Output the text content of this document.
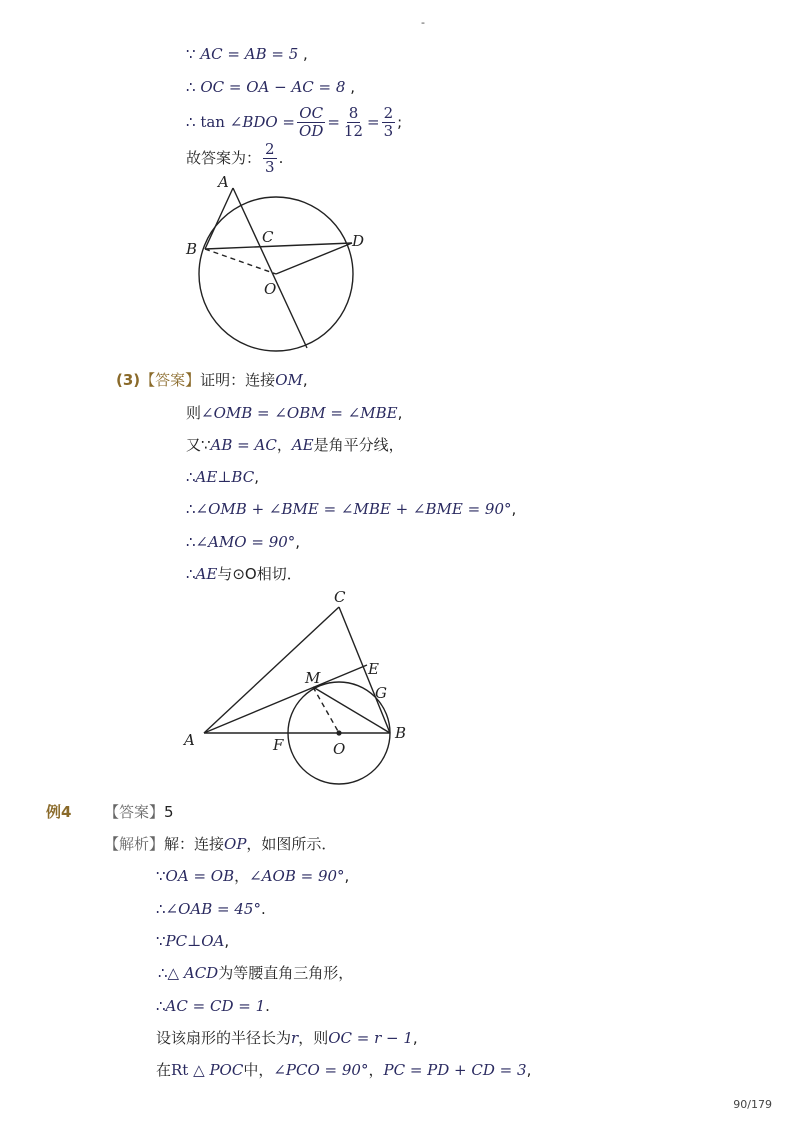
-
∵ AC = AB = 5 ,
∴ OC = OA − AC = 8 ,
∴
tan
∠BDO = $\frac{OC}{OD} = \frac{8}{12} = \frac{2}{3}$ ;
故答案为： $\frac{2}{3}$ .
A
B
C	D
O
(3)【答案】证明：连接OM,
则∠OMB = ∠OBM = ∠MBE,
又∵AB = AC，AE是角平分线，
∴AE⊥BC,
∴∠OMB + ∠BME = ∠MBE + ∠BME = 90°,
∴∠AMO = 90°,
∴AE与⊙O相切．
C
E
G
M
A	B
F	O
例4 【答案】5
【解析】解：连接OP，如图所示．
∵OA = OB，∠AOB = 90°,
∴∠OAB = 45°.
∵PC⊥OA,
∴△ ACD为等腰直角三角形，
∴AC = CD = 1.
设该扇形的半径长为r，则OC = r − 1,
在Rt △ POC中，∠PCO = 90°，PC = PD + CD = 3,
90/179
